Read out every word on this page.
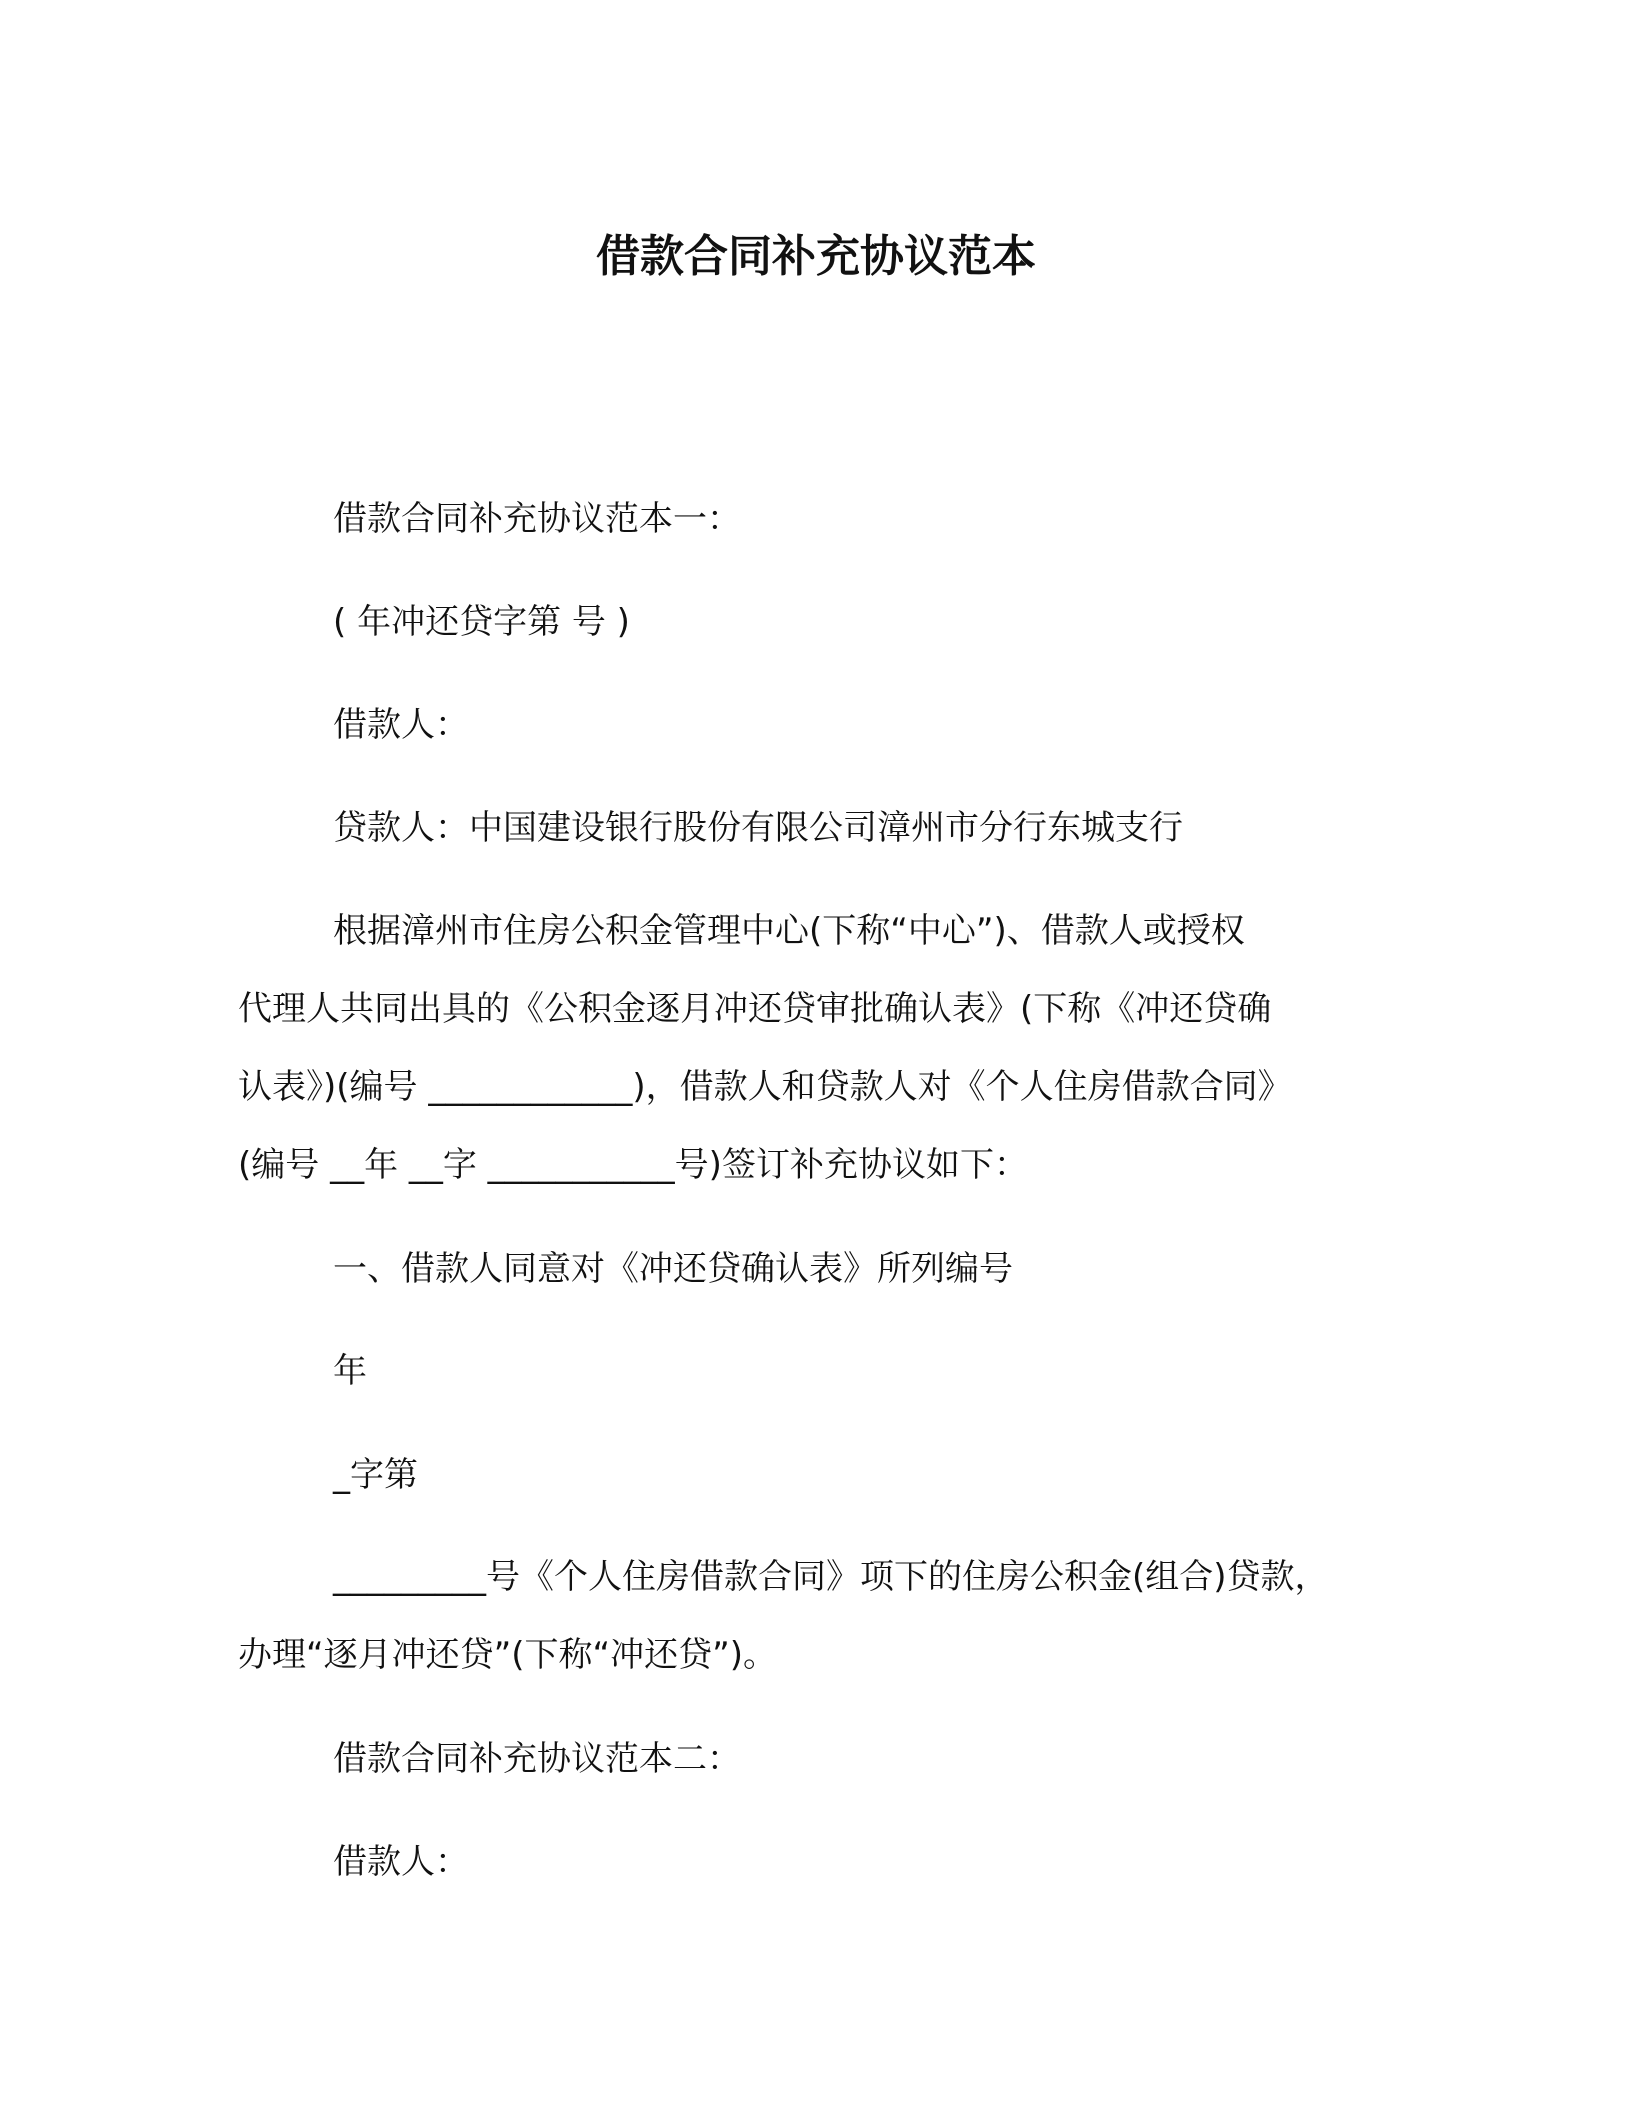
借款合同补充协议范本
借款合同补充协议范本一：
( 年冲还贷字第 号 )
借款人：
贷款人：中国建设银行股份有限公司漳州市分行东城支行
根据漳州市住房公积金管理中心(下称“中心”)、借款人或授权
代理人共同出具的《公积金逐月冲还贷审批确认表》(下称《冲还贷确
认表》)(编号 ____________)，借款人和贷款人对《个人住房借款合同》
(编号 __年 __字 ___________号)签订补充协议如下：
一、借款人同意对《冲还贷确认表》所列编号
年
_字第
_________号《个人住房借款合同》项下的住房公积金(组合)贷款，
办理“逐月冲还贷”(下称“冲还贷”)。
借款合同补充协议范本二：
借款人：
